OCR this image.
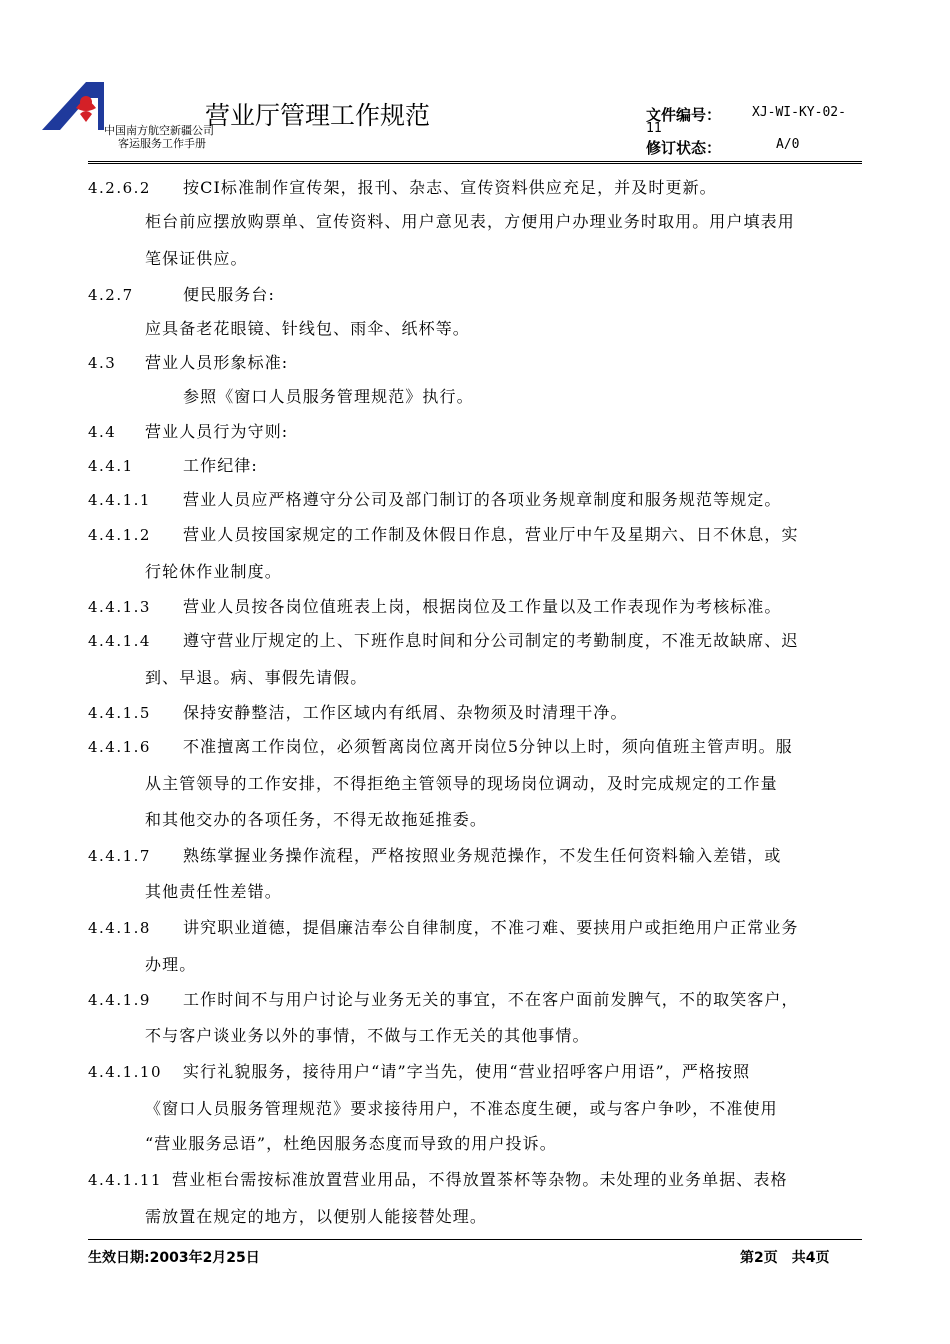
中国南方航空新疆公司
客运服务工作手册
营业厅管理工作规范	文件编号： XJ-WI-KY-02-
11
修订状态：	A/0
4.2.6.2 按CI标准制作宣传架，报刊、杂志、宣传资料供应充足，并及时更新。
柜台前应摆放购票单、宣传资料、用户意见表，方便用户办理业务时取用。用户填表用
笔保证供应。
4.2.7	便民服务台:
应具备老花眼镜、针线包、雨伞、纸杯等。
4.3 营业人员形象标准:
参照《窗口人员服务管理规范》执行。
4.4 营业人员行为守则:
4.4.1	工作纪律:
4.4.1.1 营业人员应严格遵守分公司及部门制订的各项业务规章制度和服务规范等规定。
4.4.1.2 营业人员按国家规定的工作制及休假日作息，营业厅中午及星期六、日不休息，实
行轮休作业制度。
4.4.1.3 营业人员按各岗位值班表上岗，根据岗位及工作量以及工作表现作为考核标准。
4.4.1.4 遵守营业厅规定的上、下班作息时间和分公司制定的考勤制度，不准无故缺席、迟
到、早退。病、事假先请假。
4.4.1.5 保持安静整洁，工作区域内有纸屑、杂物须及时清理干净。
4.4.1.6 不准擅离工作岗位，必须暂离岗位离开岗位5分钟以上时，须向值班主管声明。服
从主管领导的工作安排，不得拒绝主管领导的现场岗位调动，及时完成规定的工作量
和其他交办的各项任务，不得无故拖延推委。
4.4.1.7 熟练掌握业务操作流程，严格按照业务规范操作，不发生任何资料输入差错，或
其他责任性差错。
4.4.1.8 讲究职业道德，提倡廉洁奉公自律制度，不准刁难、要挟用户或拒绝用户正常业务
办理。
4.4.1.9 工作时间不与用户讨论与业务无关的事宜，不在客户面前发脾气，不的取笑客户，
不与客户谈业务以外的事情，不做与工作无关的其他事情。
4.4.1.10 实行礼貌服务，接待用户“请”字当先，使用“营业招呼客户用语”，严格按照
《窗口人员服务管理规范》要求接待用户，不准态度生硬，或与客户争吵，不准使用
“营业服务忌语”，杜绝因服务态度而导致的用户投诉。
4.4.1.11 营业柜台需按标准放置营业用品，不得放置茶杯等杂物。未处理的业务单据、表格
需放置在规定的地方，以便别人能接替处理。
生效日期:2003年2月25日	第2页　共4页
